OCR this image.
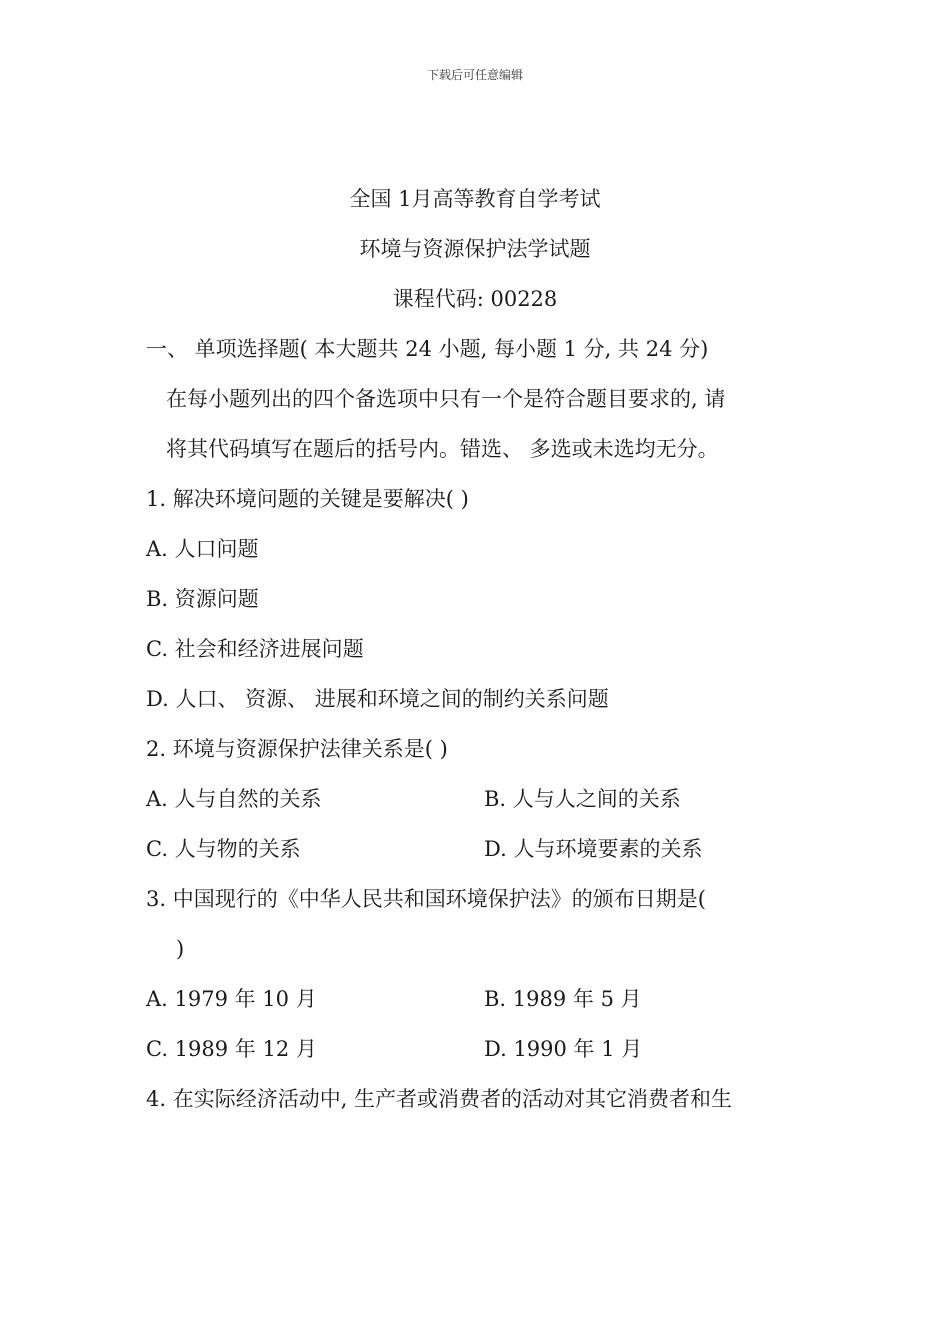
下载后可任意编辑
全国 1月高等教育自学考试
环境与资源保护法学试题
课程代码: 00228
一、 单项选择题( 本大题共 24 小题, 每小题 1 分, 共 24 分)
在每小题列出的四个备选项中只有一个是符合题目要求的, 请
将其代码填写在题后的括号内。错选、 多选或未选均无分。
1. 解决环境问题的关键是要解决( )
A. 人口问题
B. 资源问题
C. 社会和经济进展问题
D. 人口、 资源、 进展和环境之间的制约关系问题
2. 环境与资源保护法律关系是( )
A. 人与自然的关系	B. 人与人之间的关系
C. 人与物的关系	D. 人与环境要素的关系
3. 中国现行的《中华人民共和国环境保护法》的颁布日期是(
)
A. 1979 年 10 月	B. 1989 年 5 月
C. 1989 年 12 月	D. 1990 年 1 月
4. 在实际经济活动中, 生产者或消费者的活动对其它消费者和生
